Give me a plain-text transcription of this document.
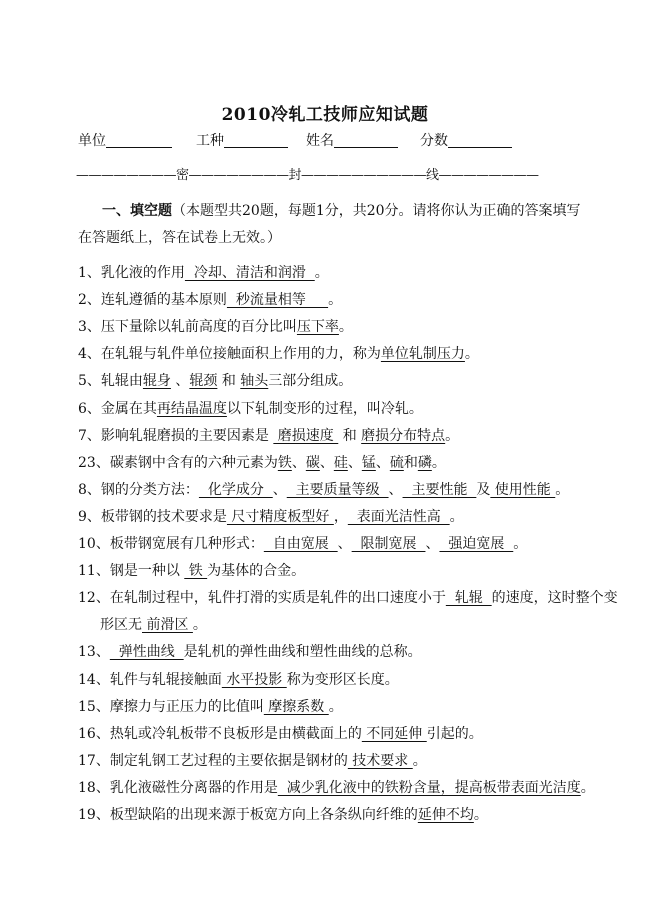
2010冷轧工技师应知试题
单位	工种	姓名	分数
————————密————————封——————————线————————
一、填空题（本题型共20题，每题1分，共20分。请将你认为正确的答案填写在答题纸上，答在试卷上无效。）
1、乳化液的作用  冷却、清洁和润滑  。
2、连轧遵循的基本原则  秒流量相等     。
3、压下量除以轧前高度的百分比叫压下率。
4、在轧辊与轧件单位接触面积上作用的力，称为单位轧制压力。
5、轧辊由辊身 、辊颈 和 轴头三部分组成。
6、金属在其再结晶温度以下轧制变形的过程，叫冷轧。
7、影响轧辊磨损的主要因素是  磨损速度  和 磨损分布特点。
23、碳素钢中含有的六种元素为铁、碳、硅、锰、硫和磷。
8、钢的分类方法：  化学成分  、  主要质量等级  、  主要性能  及 使用性能 。
9、板带钢的技术要求是 尺寸精度板型好 ，  表面光洁性高  。
10、板带钢宽展有几种形式：  自由宽展  、  限制宽展  、  强迫宽展  。
11、钢是一种以  铁 为基体的合金。
12、在轧制过程中，轧件打滑的实质是轧件的出口速度小于  轧辊  的速度，这时整个变
形区无 前滑区 。
13、  弹性曲线  是轧机的弹性曲线和塑性曲线的总称。
14、轧件与轧辊接触面 水平投影 称为变形区长度。
15、摩擦力与正压力的比值叫 摩擦系数 。
16、热轧或冷轧板带不良板形是由横截面上的 不同延伸 引起的。
17、制定轧钢工艺过程的主要依据是钢材的 技术要求 。
18、乳化液磁性分离器的作用是  减少乳化液中的铁粉含量，提高板带表面光洁度。
19、板型缺陷的出现来源于板宽方向上各条纵向纤维的延伸不均。
